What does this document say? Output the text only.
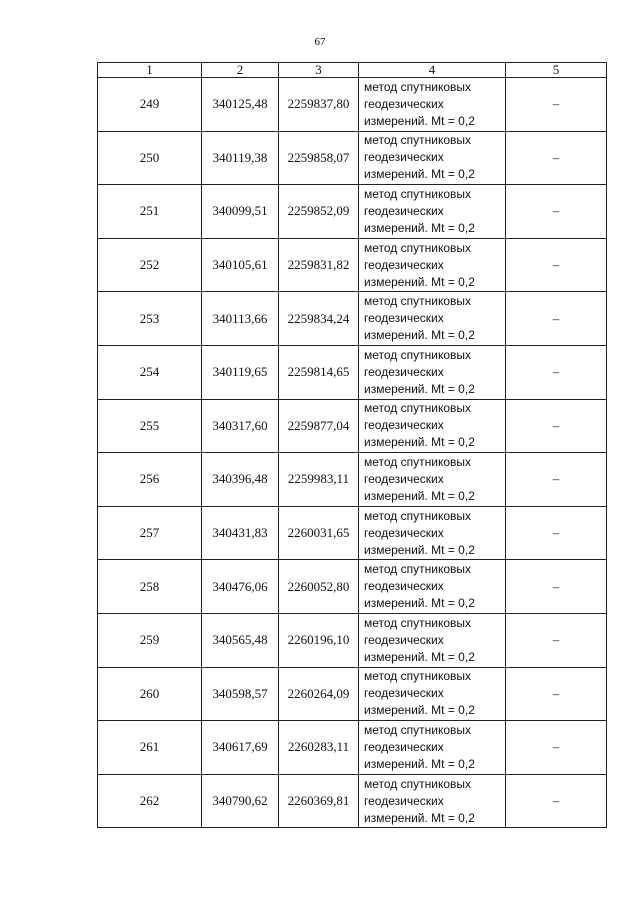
67
1	2	3	4	5
249	340125,48	2259837,80	метод спутниковых
геодезических
измерений. Mt = 0,2	–
250	340119,38	2259858,07	метод спутниковых
геодезических
измерений. Mt = 0,2	–
251	340099,51	2259852,09	метод спутниковых
геодезических
измерений. Mt = 0,2	–
252	340105,61	2259831,82	метод спутниковых
геодезических
измерений. Mt = 0,2	–
253	340113,66	2259834,24	метод спутниковых
геодезических
измерений. Mt = 0,2	–
254	340119,65	2259814,65	метод спутниковых
геодезических
измерений. Mt = 0,2	–
255	340317,60	2259877,04	метод спутниковых
геодезических
измерений. Mt = 0,2	–
256	340396,48	2259983,11	метод спутниковых
геодезических
измерений. Mt = 0,2	–
257	340431,83	2260031,65	метод спутниковых
геодезических
измерений. Mt = 0,2	–
258	340476,06	2260052,80	метод спутниковых
геодезических
измерений. Mt = 0,2	–
259	340565,48	2260196,10	метод спутниковых
геодезических
измерений. Mt = 0,2	–
260	340598,57	2260264,09	метод спутниковых
геодезических
измерений. Mt = 0,2	–
261	340617,69	2260283,11	метод спутниковых
геодезических
измерений. Mt = 0,2	–
262	340790,62	2260369,81	метод спутниковых
геодезических
измерений. Mt = 0,2	–
